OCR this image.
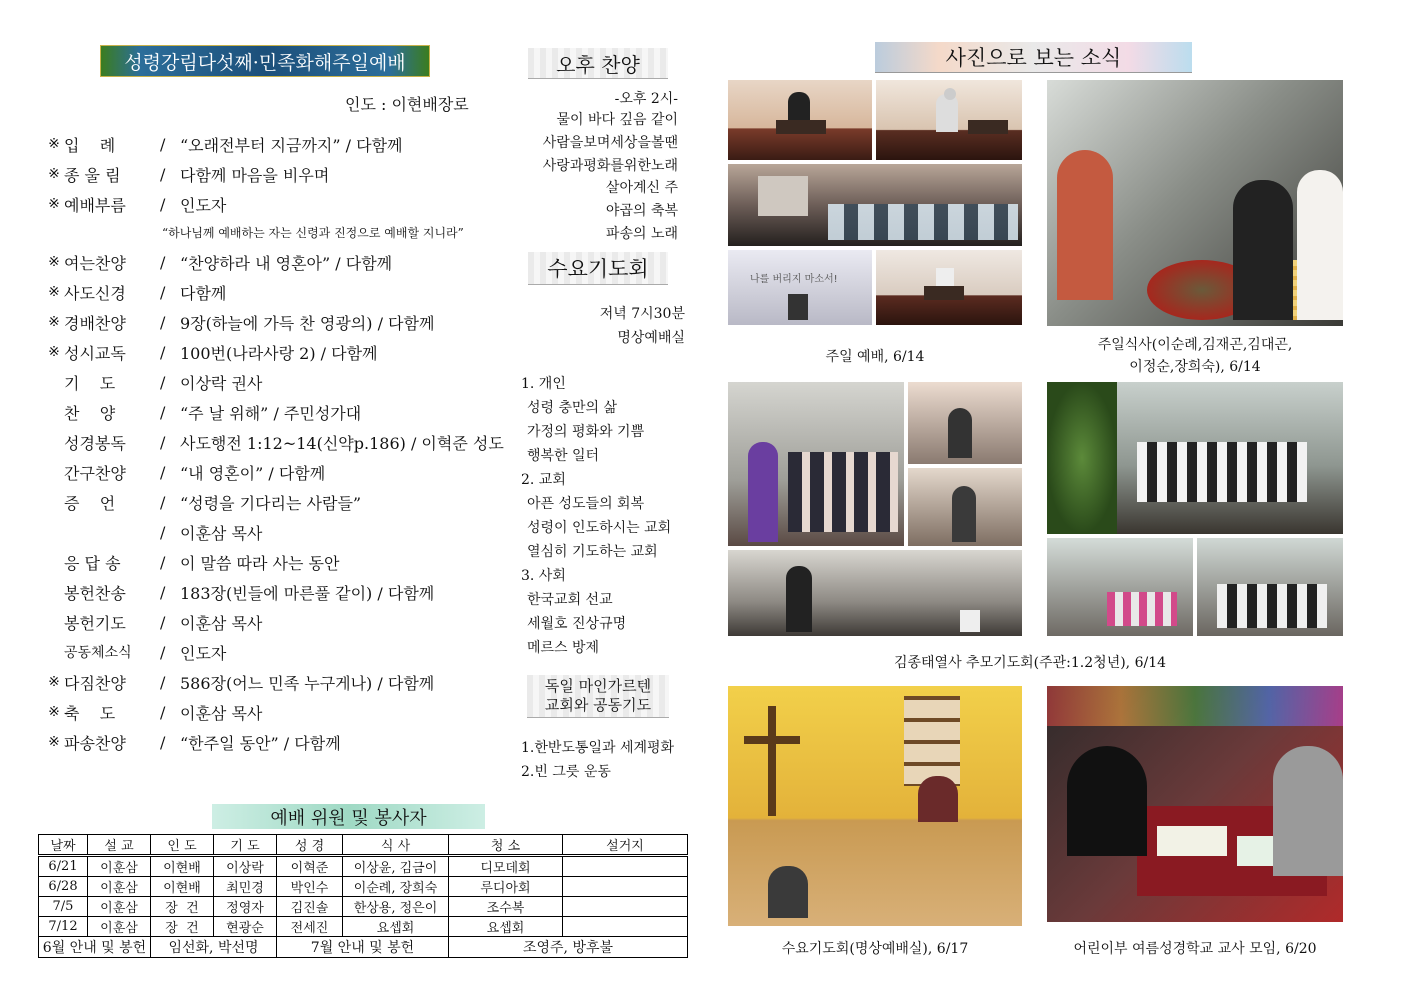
성령강림다섯째·민족화해주일예배
인도 : 이현배장로
※ 입    례	/ “오래전부터 지금까지” / 다함께
※ 종 울 림	/ 다함께 마음을 비우며
※ 예배부름	/ 인도자
※ 여는찬양	/ “찬양하라 내 영혼아” / 다함께
※ 사도신경	/ 다함께
※ 경배찬양	/ 9장(하늘에 가득 찬 영광의) / 다함께
※ 성시교독	/ 100번(나라사랑 2) / 다함께
기    도	/ 이상락 권사
찬    양	/ “주 날 위해” / 주민성가대
성경봉독	/ 사도행전 1:12~14(신약p.186) / 이혁준 성도
간구찬양	/ “내 영혼이” / 다함께
증    언	/ “성령을 기다리는 사람들”
/ 이훈삼 목사
응 답 송	/ 이 말씀 따라 사는 동안
봉헌찬송	/ 183장(빈들에 마른풀 같이) / 다함께
봉헌기도	/ 이훈삼 목사
공동체소식	/ 인도자
※ 다짐찬양	/ 586장(어느 민족 누구게나) / 다함께
※ 축    도	/ 이훈삼 목사
※ 파송찬양	/ “한주일 동안” / 다함께
“하나님께 예배하는 자는 신령과 진정으로 예배할 지니라”
오후 찬양
-오후 2시-
물이 바다 깊음 같이
사람을보며세상을볼땐
사랑과평화를위한노래
살아계신 주
야곱의 축복
파송의 노래
수요기도회
저녁 7시30분
명상예배실
1. 개인
성령 충만의 삶
가정의 평화와 기쁨
행복한 일터
2. 교회
아픈 성도들의 회복
성령이 인도하시는 교회
열심히 기도하는 교회
3. 사회
한국교회 선교
세월호 진상규명
메르스 방제
독일 마인가르텐
교회와 공동기도
1.한반도통일과 세계평화
2.빈 그릇 운동
예배 위원 및 봉사자
날짜	설 교	인 도	기 도	성 경	식 사	청 소	설거지
6/21	이훈삼	이현배	이상락	이혁준	이상윤, 김금이	디모데회	
6/28	이훈삼	이현배	최민경	박인수	이순례, 장희숙	루디아회	
7/5	이훈삼	장  건	정영자	김진솔	한상용, 정은이	조수복	
7/12	이훈삼	장  건	현광순	전세진	요셉회	요셉회	
6월 안내 및 봉헌		임선화, 박선명		7월 안내 및 봉헌		조영주, 방후불	
사진으로 보는 소식
나를 버리지 마소서!
주일 예배, 6/14
주일식사(이순례,김재곤,김대곤,
이정순,장희숙), 6/14
김종태열사 추모기도회(주관:1.2청년), 6/14
수요기도회(명상예배실), 6/17	어린이부 여름성경학교 교사 모임, 6/20
